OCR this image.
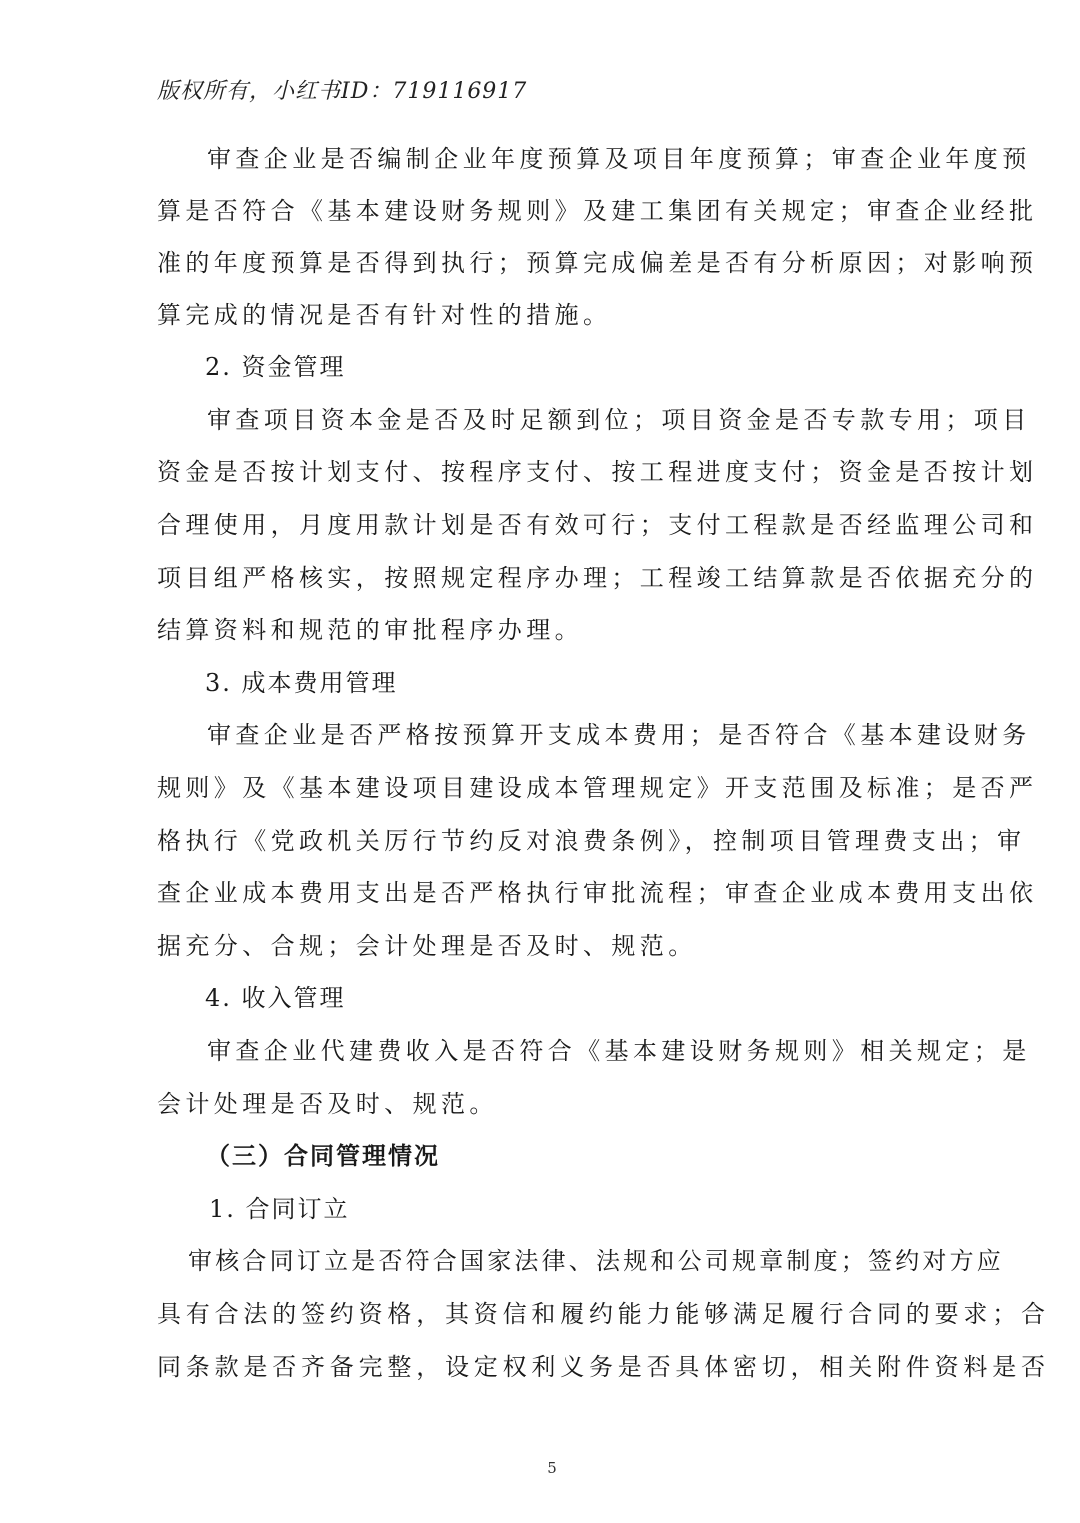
版权所有，小红书ID：719116917
审查企业是否编制企业年度预算及项目年度预算；审查企业年度预
算是否符合《基本建设财务规则》及建工集团有关规定；审查企业经批
准的年度预算是否得到执行；预算完成偏差是否有分析原因；对影响预
算完成的情况是否有针对性的措施。
2. 资金管理
审查项目资本金是否及时足额到位；项目资金是否专款专用；项目
资金是否按计划支付、按程序支付、按工程进度支付；资金是否按计划
合理使用，月度用款计划是否有效可行；支付工程款是否经监理公司和
项目组严格核实，按照规定程序办理；工程竣工结算款是否依据充分的
结算资料和规范的审批程序办理。
3. 成本费用管理
审查企业是否严格按预算开支成本费用；是否符合《基本建设财务
规则》及《基本建设项目建设成本管理规定》开支范围及标准；是否严
格执行《党政机关厉行节约反对浪费条例》，控制项目管理费支出；审
查企业成本费用支出是否严格执行审批流程；审查企业成本费用支出依
据充分、合规；会计处理是否及时、规范。
4. 收入管理
审查企业代建费收入是否符合《基本建设财务规则》相关规定；是
会计处理是否及时、规范。
（三）合同管理情况
1. 合同订立
审核合同订立是否符合国家法律、法规和公司规章制度；签约对方应
具有合法的签约资格，其资信和履约能力能够满足履行合同的要求；合
同条款是否齐备完整，设定权利义务是否具体密切，相关附件资料是否
5
